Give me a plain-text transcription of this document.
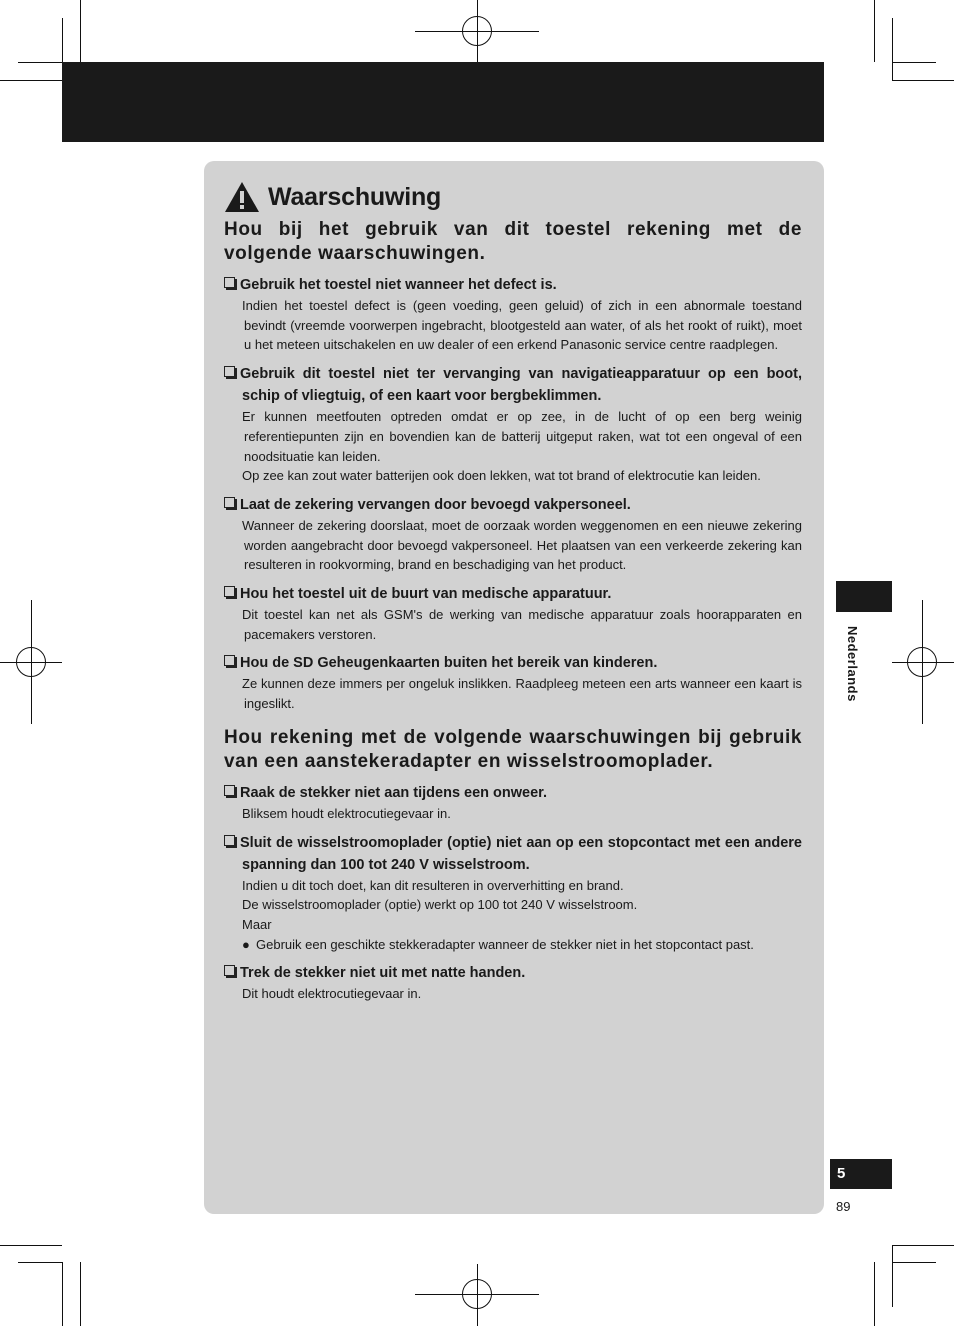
Waarschuwing
Hou bij het gebruik van dit toestel rekening met de volgende waarschuwingen.
Gebruik het toestel niet wanneer het defect is.

Indien het toestel defect is (geen voeding, geen geluid) of zich in een abnormale toestand bevindt (vreemde voorwerpen ingebracht, blootgesteld aan water, of als het rookt of ruikt), moet u het meteen uitschakelen en uw dealer of een erkend Panasonic service centre raadplegen.

Gebruik dit toestel niet ter vervanging van navigatieapparatuur op een boot, schip of vliegtuig, of een kaart voor bergbeklimmen.

Er kunnen meetfouten optreden omdat er op zee, in de lucht of op een berg weinig referentiepunten zijn en bovendien kan de batterij uitgeput raken, wat tot een ongeval of een noodsituatie kan leiden.

Op zee kan zout water batterijen ook doen lekken, wat tot brand of elektrocutie kan leiden.

Laat de zekering vervangen door bevoegd vakpersoneel.

Wanneer de zekering doorslaat, moet de oorzaak worden weggenomen en een nieuwe zekering worden aangebracht door bevoegd vakpersoneel. Het plaatsen van een verkeerde zekering kan resulteren in rookvorming, brand en beschadiging van het product.

Hou het toestel uit de buurt van medische apparatuur.

Dit toestel kan net als GSM's de werking van medische apparatuur zoals hoorapparaten en pacemakers verstoren.

Hou de SD Geheugenkaarten buiten het bereik van kinderen.

Ze kunnen deze immers per ongeluk inslikken. Raadpleeg meteen een arts wanneer een kaart is ingeslikt.

Hou rekening met de volgende waarschuwingen bij gebruik van een aanstekeradapter en wisselstroomoplader.
Raak de stekker niet aan tijdens een onweer.

Bliksem houdt elektrocutiegevaar in.

Sluit de wisselstroomoplader (optie) niet aan op een stopcontact met een andere spanning dan 100 tot 240 V wisselstroom.

Indien u dit toch doet, kan dit resulteren in oververhitting en brand.

De wisselstroomoplader (optie) werkt op 100 tot 240 V wisselstroom.

Maar

● Gebruik een geschikte stekkeradapter wanneer de stekker niet in het stopcontact past.
Trek de stekker niet uit met natte handen.

Dit houdt elektrocutiegevaar in.

Nederlands
5
89
